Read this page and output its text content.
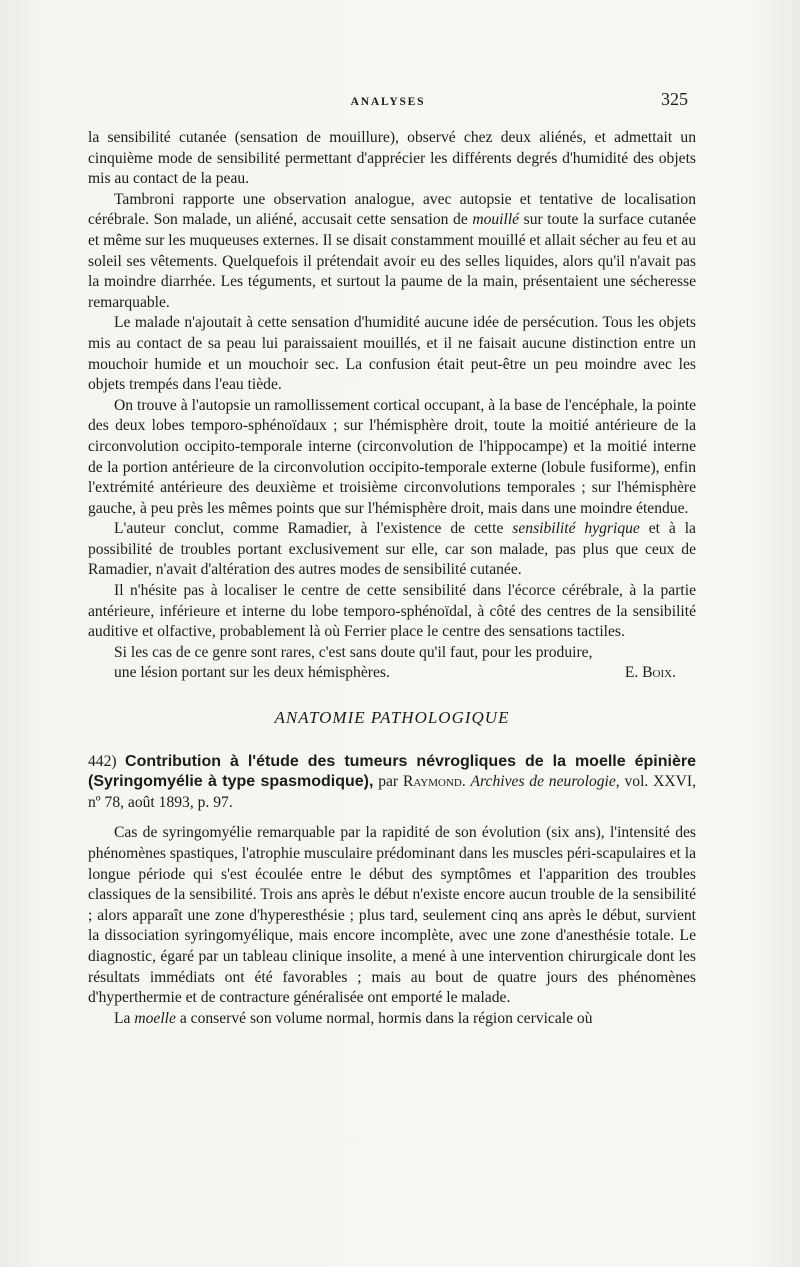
ANALYSES	325

la sensibilité cutanée (sensation de mouillure), observé chez deux aliénés, et admettait un cinquième mode de sensibilité permettant d'apprécier les différents degrés d'humidité des objets mis au contact de la peau.

Tambroni rapporte une observation analogue, avec autopsie et tentative de localisation cérébrale. Son malade, un aliéné, accusait cette sensation de mouillé sur toute la surface cutanée et même sur les muqueuses externes. Il se disait constamment mouillé et allait sécher au feu et au soleil ses vêtements. Quelquefois il prétendait avoir eu des selles liquides, alors qu'il n'avait pas la moindre diarrhée. Les téguments, et surtout la paume de la main, présentaient une sécheresse remarquable.

Le malade n'ajoutait à cette sensation d'humidité aucune idée de persécution. Tous les objets mis au contact de sa peau lui paraissaient mouillés, et il ne faisait aucune distinction entre un mouchoir humide et un mouchoir sec. La confusion était peut-être un peu moindre avec les objets trempés dans l'eau tiède.

On trouve à l'autopsie un ramollissement cortical occupant, à la base de l'encéphale, la pointe des deux lobes temporo-sphénoïdaux ; sur l'hémisphère droit, toute la moitié antérieure de la circonvolution occipito-temporale interne (circonvolution de l'hippocampe) et la moitié interne de la portion antérieure de la circonvolution occipito-temporale externe (lobule fusiforme), enfin l'extrémité antérieure des deuxième et troisième circonvolutions temporales ; sur l'hémisphère gauche, à peu près les mêmes points que sur l'hémisphère droit, mais dans une moindre étendue.

L'auteur conclut, comme Ramadier, à l'existence de cette sensibilité hygrique et à la possibilité de troubles portant exclusivement sur elle, car son malade, pas plus que ceux de Ramadier, n'avait d'altération des autres modes de sensibilité cutanée.

Il n'hésite pas à localiser le centre de cette sensibilité dans l'écorce cérébrale, à la partie antérieure, inférieure et interne du lobe temporo-sphénoïdal, à côté des centres de la sensibilité auditive et olfactive, probablement là où Ferrier place le centre des sensations tactiles.

Si les cas de ce genre sont rares, c'est sans doute qu'il faut, pour les produire,

une lésion portant sur les deux hémisphères.	E. Boix.

ANATOMIE PATHOLOGIQUE

442) Contribution à l'étude des tumeurs névrogliques de la moelle épinière (Syringomyélie à type spasmodique), par Raymond. Archives de neurologie, vol. XXVI, nº 78, août 1893, p. 97.

Cas de syringomyélie remarquable par la rapidité de son évolution (six ans), l'intensité des phénomènes spastiques, l'atrophie musculaire prédominant dans les muscles péri-scapulaires et la longue période qui s'est écoulée entre le début des symptômes et l'apparition des troubles classiques de la sensibilité. Trois ans après le début n'existe encore aucun trouble de la sensibilité ; alors apparaît une zone d'hyperesthésie ; plus tard, seulement cinq ans après le début, survient la dissociation syringomyélique, mais encore incomplète, avec une zone d'anesthésie totale. Le diagnostic, égaré par un tableau clinique insolite, a mené à une intervention chirurgicale dont les résultats immédiats ont été favorables ; mais au bout de quatre jours des phénomènes d'hyperthermie et de contracture généralisée ont emporté le malade.

La moelle a conservé son volume normal, hormis dans la région cervicale où
